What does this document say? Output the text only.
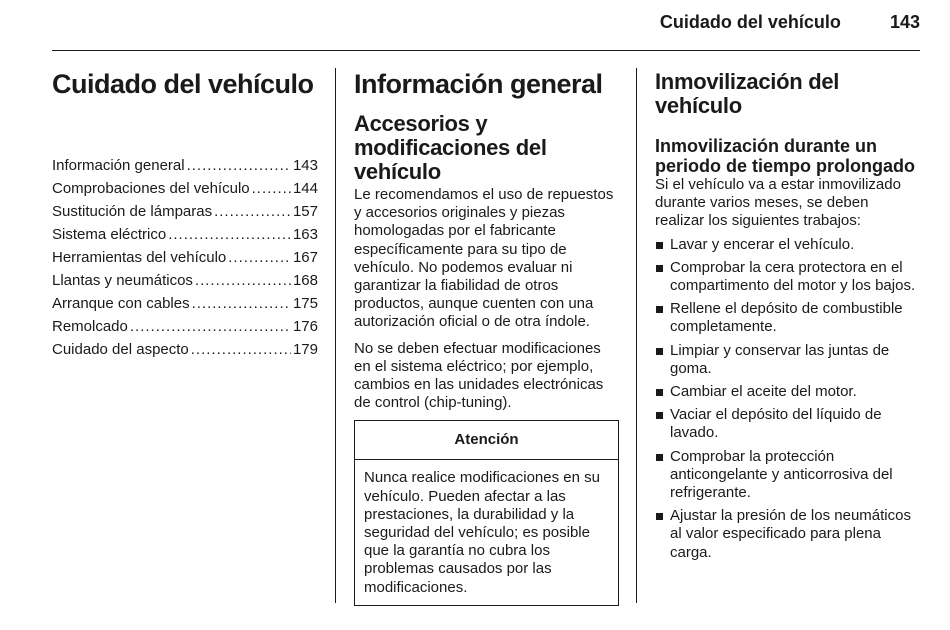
Cuidado del vehículo	143
Cuidado del vehículo
Información general .....	143
Comprobaciones del vehículo .....	144
Sustitución de lámparas .....	157
Sistema eléctrico .....	163
Herramientas del vehículo .....	167
Llantas y neumáticos .....	168
Arranque con cables .....	175
Remolcado .....	176
Cuidado del aspecto .....	179
Información general
Accesorios y modificaciones del vehículo

Le recomendamos el uso de repuestos y accesorios originales y piezas homologadas por el fabricante específicamente para su tipo de vehículo. No podemos evaluar ni garantizar la fiabilidad de otros productos, aunque cuenten con una autorización oficial o de otra índole.

No se deben efectuar modificaciones en el sistema eléctrico; por ejemplo, cambios en las unidades electrónicas de control (chip-tuning).

Atención
Nunca realice modificaciones en su vehículo. Pueden afectar a las prestaciones, la durabilidad y la seguridad del vehículo; es posible que la garantía no cubra los problemas causados por las modificaciones.
Inmovilización del vehículo
Inmovilización durante un periodo de tiempo prolongado

Si el vehículo va a estar inmovilizado durante varios meses, se deben realizar los siguientes trabajos:

Lavar y encerar el vehículo.
Comprobar la cera protectora en el compartimento del motor y los bajos.
Rellene el depósito de combustible completamente.
Limpiar y conservar las juntas de goma.
Cambiar el aceite del motor.
Vaciar el depósito del líquido de lavado.
Comprobar la protección anticongelante y anticorrosiva del refrigerante.
Ajustar la presión de los neumáticos al valor especificado para plena carga.
